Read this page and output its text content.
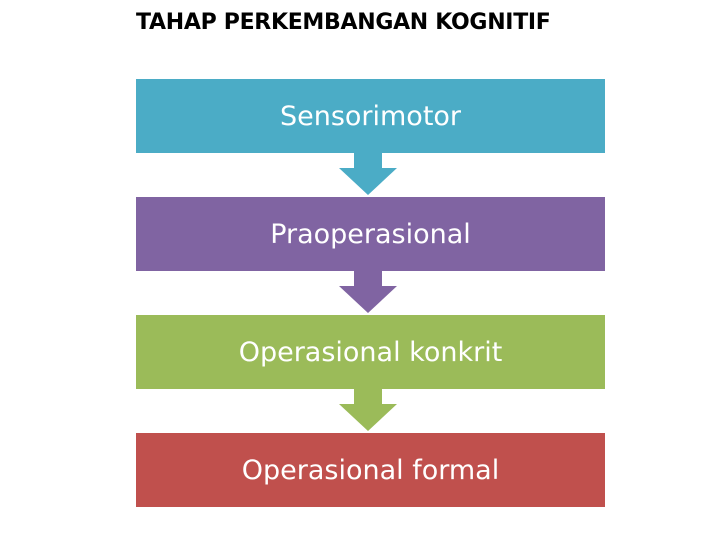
TAHAP PERKEMBANGAN KOGNITIF
Sensorimotor
Praoperasional
Operasional konkrit
Operasional formal
